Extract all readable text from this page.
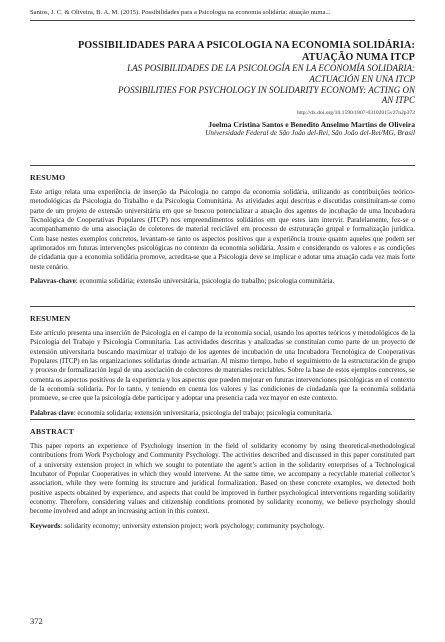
Santos, J. C. & Oliveira, B. A. M. (2015). Possibilidades para a Psicologia na economia solidária: atuação numa...
POSSIBILIDADES PARA A PSICOLOGIA NA ECONOMIA SOLIDÁRIA:
ATUAÇÃO NUMA ITCP
LAS POSIBILIDADES DE LA PSICOLOGÍA EN LA ECONOMÍA SOLIDARIA:
ACTUACIÓN EN UNA ITCP
POSSIBILITIES FOR PSYCHOLOGY IN SOLIDARITY ECONOMY: ACTING ON
AN ITPC
http://dx.doi.org/10.1590/1807-03102015v27n2p372
Joelma Cristina Santos e Benedito Anselmo Martins de Oliveira
Universidade Federal de São João del-Rei, São João del-Rei/MG, Brasil
RESUMO

Este artigo relata uma experiência de inserção da Psicologia no campo da economia solidária, utilizando as contribuições teórico-metodológicas da Psicologia do Trabalho e da Psicologia Comunitária. As atividades aqui descritas e discutidas constituíram-se como parte de um projeto de extensão universitária em que se buscou potencializar a atuação dos agentes de incubação de uma Incubadora Tecnológica de Cooperativas Populares (ITCP) nos empreendimentos solidários em que estes iam intervir. Paralelamente, fez-se o acompanhamento de uma associação de coletores de material reciclável em processo de estruturação grupal e formalização jurídica. Com base nestes exemplos concretos, levantam-se tanto os aspectos positivos que a experiência trouxe quanto aqueles que podem ser aprimorados em futuras intervenções psicológicas no contexto da economia solidária. Assim e considerando os valores e as condições de cidadania que a economia solidária promove, acredita-se que a Psicologia deve se implicar e adotar uma atuação cada vez mais forte neste cenário.

Palavras-chave: economia solidária; extensão universitária, psicologia do trabalho; psicologia comunitária.
RESUMEN

Este artículo presenta una inserción de Psicología en el campo de la economía social, usando los aportes teóricos y metodológicos de la Psicología del Trabajo y Psicología Comunitaria. Las actividades descritas y analizadas se constituían como parte de un proyecto de extensión universitaria buscando maximizar el trabajo de los agentes de incubación de una Incubadora Tecnológica de Cooperativas Populares (ITCP) en las organizaciones solidarias donde actuarían. Al mismo tiempo, hubo el seguimiento de la estructuración de grupo y proceso de formalización legal de una asociación de colectores de materiales reciclables. Sobre la base de estos ejemplos concretos, se comenta os aspectos positivos de la experiencia y los aspectos que pueden mejorar en futuras intervenciones psicológicas en el contexto de la economía solidaria. Por lo tanto, y teniendo en cuenta los valores y las condiciones de ciudadanía que la economía solidaria promueve, se cree que la psicología debe participar y adoptar una presencia cada vez mayor en este contexto.

Palabras clave: economía solidaria; extensión universitaria, psicología del trabajo; psicología comunitaria.
ABSTRACT

This paper reports an experience of Psychology insertion in the field of solidarity economy by using theoretical-methodological contributions from Work Psychology and Community Psychology. The activities described and discussed in this paper constituted part of a university extension project in which we sought to potentiate the agent’s action in the solidarity enterprises of a Technological Incubator of Popular Cooperatives in which they would intervene. At the same time, we accompany a recyclable material collector’s association, while they were forming its structure and juridical formalization. Based on these concrete examples, we detected both positive aspects obtained by experience, and aspects that could be improved in further psychological interventions regarding solidarity economy. Therefore, considering values and citizenship conditions promoted by solidarity economy, we believe psychology should become involved and adopt an increasing action in this context.

Keywords: solidarity economy; university extension project; work psychology; community psychology.
372
